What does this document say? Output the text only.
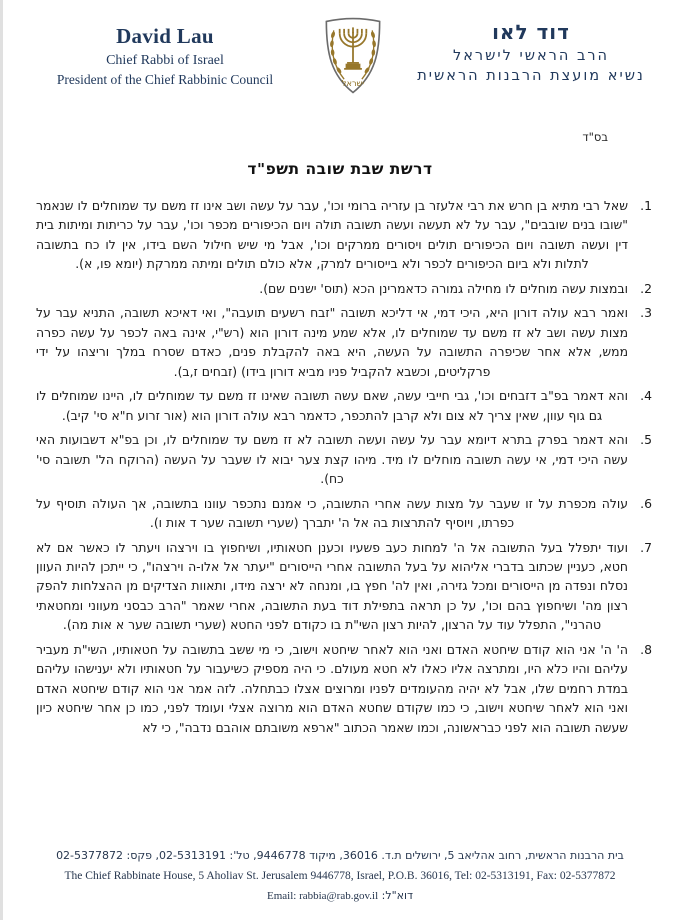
David Lau
Chief Rabbi of Israel
President of the Chief Rabbinic Council	ישראל
דוד לאו
הרב הראשי לישראל
נשיא מועצת הרבנות הראשית
בס"ד
דרשת שבת שובה תשפ"ד
שאל רבי מתיא בן חרש את רבי אלעזר בן עזריה ברומי וכו', עבר על עשה ושב אינו זז משם עד שמוחלים לו שנאמר "שובו בנים שובבים", עבר על לא תעשה ועשה תשובה תולה ויום הכיפורים מכפר וכו', עבר על כריתות ומיתות בית דין ועשה תשובה ויום הכיפורים תולים ויסורים ממרקים וכו', אבל מי שיש חילול השם בידו, אין לו כח בתשובה לתלות ולא ביום הכיפורים לכפר ולא בייסורים למרק, אלא כולם תולים ומיתה ממרקת (יומא פו, א).
ובמצות עשה מוחלים לו מחילה גמורה כדאמרינן הכא (תוס' ישנים שם).
ואמר רבא עולה דורון היא, היכי דמי, אי דליכא תשובה "זבח רשעים תועבה", ואי דאיכא תשובה, התניא עבר על מצות עשה ושב לא זז משם עד שמוחלים לו, אלא שמע מינה דורון הוא (רש"י, אינה באה לכפר על עשה כפרה ממש, אלא אחר שכיפרה התשובה על העשה, היא באה להקבלת פנים, כאדם שסרח במלך וריצהו על ידי פרקליטים, וכשבא להקביל פניו מביא דורון בידו) (זבחים ז,ב).
והא דאמר בפ"ב דזבחים וכו', גבי חייבי עשה, שאם עשה תשובה שאינו זז משם עד שמוחלים לו, היינו שמוחלים לו גם גוף עוון, שאין צריך לא צום ולא קרבן להתכפר, כדאמר רבא עולה דורון הוא (אור זרוע ח"א סי' קיב).
והא דאמר בפרק בתרא דיומא עבר על עשה ועשה תשובה לא זז משם עד שמוחלים לו, וכן בפ"א דשבועות האי עשה היכי דמי, אי עשה תשובה מוחלים לו מיד. מיהו קצת צער יבוא לו שעבר על העשה (הרוקח הל' תשובה סי' כח).
עולה מכפרת על זו שעבר על מצות עשה אחרי התשובה, כי אמנם נתכפר עוונו בתשובה, אך העולה תוסיף על כפרתו, ויוסיף להתרצות בה אל ה' יתברך (שערי תשובה שער ד אות ו).
ועוד יתפלל בעל התשובה אל ה' למחות כעב פשעיו וכענן חטאותיו, ושיחפוץ בו וירצהו ויעתר לו כאשר אם לא חטא, כעניין שכתוב בדברי אליהוא על בעל התשובה אחרי הייסורים "יעתר אל אלו-ה וירצהו", כי ייתכן להיות העוון נסלח ונפדה מן הייסורים ומכל גזירה, ואין לה' חפץ בו, ומנחה לא ירצה מידו, ותאוות הצדיקים מן ההצלחות להפק רצון מה' ושיחפוץ בהם וכו', על כן תראה בתפילת דוד בעת התשובה, אחרי שאמר "הרב כבסני מעווני ומחטאתי טהרני", התפלל עוד על הרצון, להיות רצון השי"ת בו כקודם לפני החטא (שערי תשובה שער א אות מה).
ה' ה' אני הוא קודם שיחטא האדם ואני הוא לאחר שיחטא וישוב, כי מי ששב בתשובה על חטאותיו, השי"ת מעביר עליהם והיו כלא היו, ומתרצה אליו כאלו לא חטא מעולם. כי היה מספיק כשיעבור על חטאותיו ולא יענישהו עליהם במדת רחמים שלו, אבל לא יהיה מהעומדים לפניו ומרוצים אצלו כבתחלה. לזה אמר אני הוא קודם שיחטא האדם ואני הוא לאחר שיחטא וישוב, כי כמו שקודם שחטא האדם הוא מרוצה אצלי ועומד לפני, כמו כן אחר שיחטא כיון שעשה תשובה הוא לפני כבראשונה, וכמו שאמר הכתוב "ארפא משובתם אוהבם נדבה", כי לא
בית הרבנות הראשית, רחוב אהליאב 5, ירושלים ת.ד. 36016, מיקוד 9446778, טל': 02-5313191, פקס: 02-5377872
The Chief Rabbinate House, 5 Aholiav St. Jerusalem 9446778, Israel, P.O.B. 36016, Tel: 02-5313191, Fax: 02-5377872
דוא"ל: Email: rabbia@rab.gov.il
